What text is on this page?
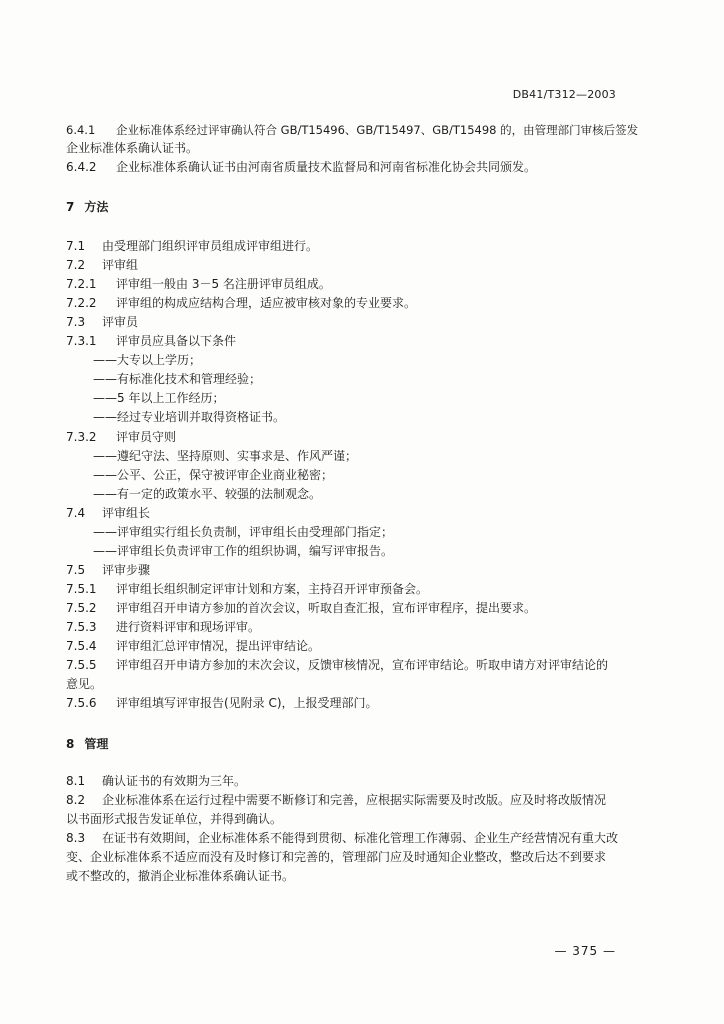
DB41/T312—2003
6.4.1 企业标准体系经过评审确认符合 GB/T15496、GB/T15497、GB/T15498 的，由管理部门审核后签发
企业标准体系确认证书。
6.4.2 企业标准体系确认证书由河南省质量技术监督局和河南省标准化协会共同颁发。
7 方法
7.1 由受理部门组织评审员组成评审组进行。
7.2 评审组
7.2.1 评审组一般由 3－5 名注册评审员组成。
7.2.2 评审组的构成应结构合理，适应被审核对象的专业要求。
7.3 评审员
7.3.1 评审员应具备以下条件
——大专以上学历；
——有标准化技术和管理经验；
——5 年以上工作经历；
——经过专业培训并取得资格证书。
7.3.2 评审员守则
——遵纪守法、坚持原则、实事求是、作风严谨；
——公平、公正，保守被评审企业商业秘密；
——有一定的政策水平、较强的法制观念。
7.4 评审组长
——评审组实行组长负责制，评审组长由受理部门指定；
——评审组长负责评审工作的组织协调，编写评审报告。
7.5 评审步骤
7.5.1 评审组长组织制定评审计划和方案，主持召开评审预备会。
7.5.2 评审组召开申请方参加的首次会议，听取自查汇报，宣布评审程序，提出要求。
7.5.3 进行资料评审和现场评审。
7.5.4 评审组汇总评审情况，提出评审结论。
7.5.5 评审组召开申请方参加的末次会议，反馈审核情况，宣布评审结论。听取申请方对评审结论的
意见。
7.5.6 评审组填写评审报告(见附录 C)，上报受理部门。
8 管理
8.1 确认证书的有效期为三年。
8.2 企业标准体系在运行过程中需要不断修订和完善，应根据实际需要及时改版。应及时将改版情况
以书面形式报告发证单位，并得到确认。
8.3 在证书有效期间，企业标准体系不能得到贯彻、标准化管理工作薄弱、企业生产经营情况有重大改
变、企业标准体系不适应而没有及时修订和完善的，管理部门应及时通知企业整改，整改后达不到要求
或不整改的，撤消企业标准体系确认证书。
— 375 —
